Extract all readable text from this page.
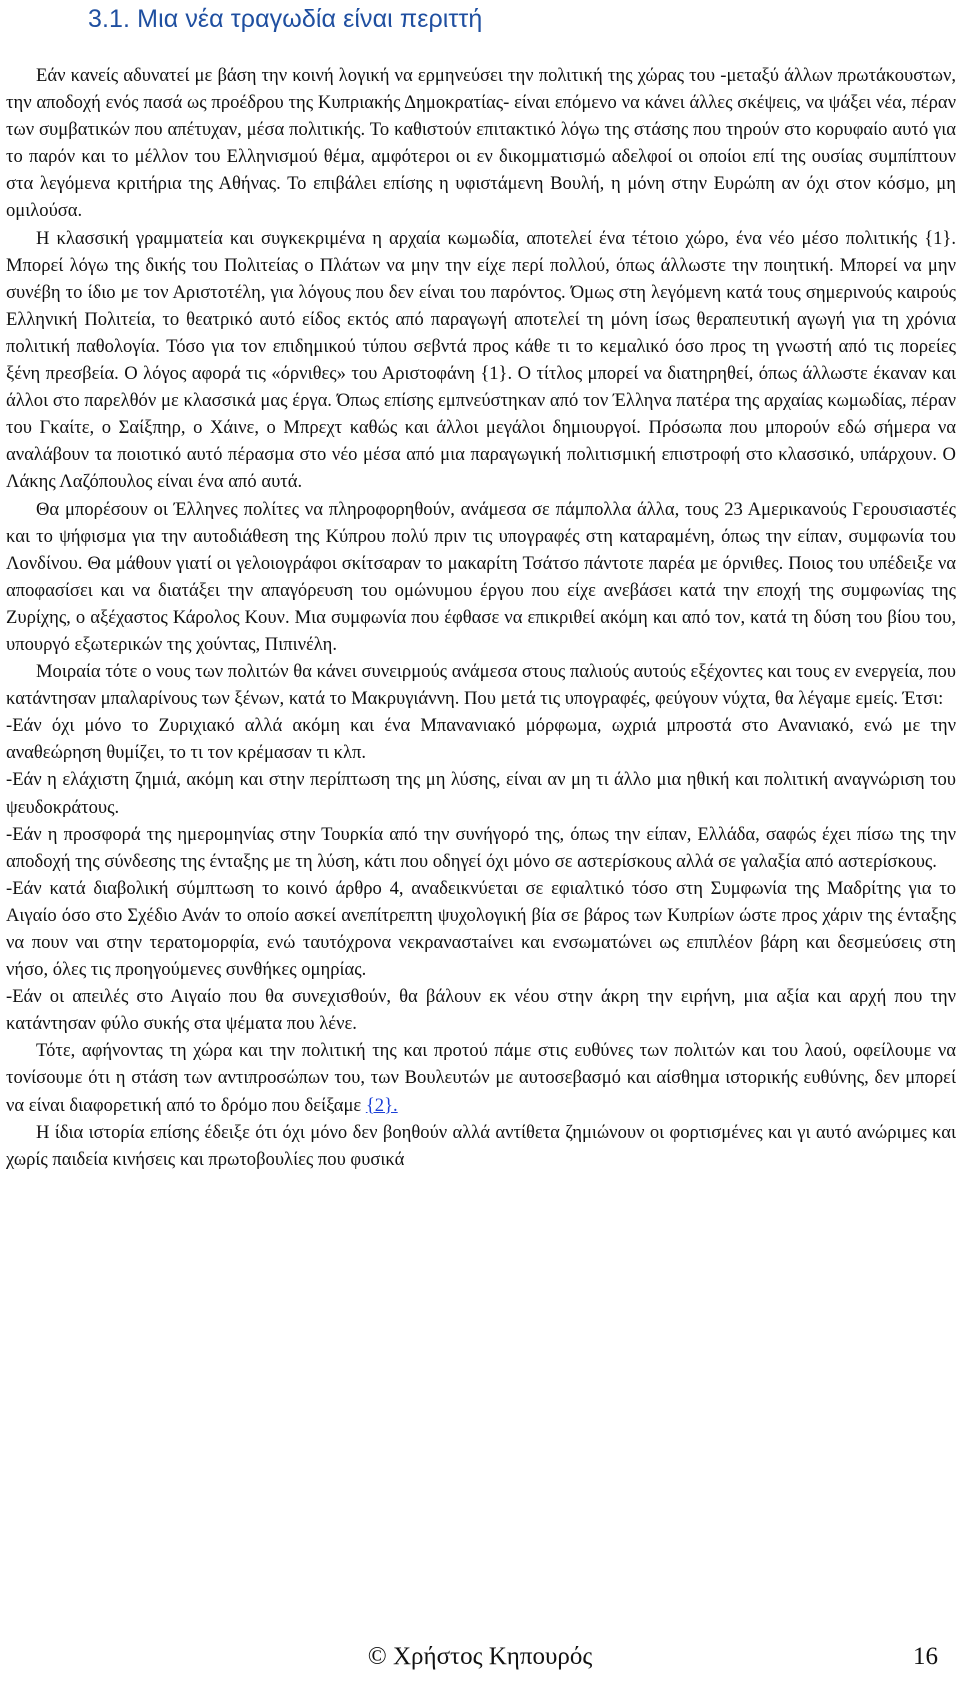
3.1. Μια νέα τραγωδία είναι περιττή

Εάν κανείς αδυνατεί με βάση την κοινή λογική να ερμηνεύσει την πολιτική της χώρας του -μεταξύ άλλων πρωτάκουστων, την αποδοχή ενός πασά ως προέδρου της Κυπριακής Δημοκρατίας- είναι επόμενο να κάνει άλλες σκέψεις, να ψάξει νέα, πέραν των συμβατικών που απέτυχαν, μέσα πολιτικής. Το καθιστούν επιτακτικό λόγω της στάσης που τηρούν στο κορυφαίο αυτό για το παρόν και το μέλλον του Ελληνισμού θέμα, αμφότεροι οι εν δικομματισμώ αδελφοί οι οποίοι επί της ουσίας συμπίπτουν στα λεγόμενα κριτήρια της Αθήνας. Το επιβάλει επίσης η υφιστάμενη Βουλή, η μόνη στην Ευρώπη αν όχι στον κόσμο, μη ομιλούσα.

Η κλασσική γραμματεία και συγκεκριμένα η αρχαία κωμωδία, αποτελεί ένα τέτοιο χώρο, ένα νέο μέσο πολιτικής {1}. Μπορεί λόγω της δικής του Πολιτείας ο Πλάτων να μην την είχε περί πολλού, όπως άλλωστε την ποιητική. Μπορεί να μην συνέβη το ίδιο με τον Αριστοτέλη, για λόγους που δεν είναι του παρόντος. Όμως στη λεγόμενη κατά τους σημερινούς καιρούς Ελληνική Πολιτεία, το θεατρικό αυτό είδος εκτός από παραγωγή αποτελεί τη μόνη ίσως θεραπευτική αγωγή για τη χρόνια πολιτική παθολογία. Τόσο για τον επιδημικού τύπου σεβντά προς κάθε τι το κεμαλικό όσο προς τη γνωστή από τις πορείες ξένη πρεσβεία. Ο λόγος αφορά τις «όρνιθες» του Αριστοφάνη {1}. Ο τίτλος μπορεί να διατηρηθεί, όπως άλλωστε έκαναν και άλλοι στο παρελθόν με κλασσικά μας έργα. Όπως επίσης εμπνεύστηκαν από τον Έλληνα πατέρα της αρχαίας κωμωδίας, πέραν του Γκαίτε, ο Σαίξπηρ, ο Χάινε, ο Μπρεχτ καθώς και άλλοι μεγάλοι δημιουργοί. Πρόσωπα που μπορούν εδώ σήμερα να αναλάβουν τα ποιοτικό αυτό πέρασμα στο νέο μέσα από μια παραγωγική πολιτισμική επιστροφή στο κλασσικό, υπάρχουν. Ο Λάκης Λαζόπουλος είναι ένα από αυτά.

Θα μπορέσουν οι Έλληνες πολίτες να πληροφορηθούν, ανάμεσα σε πάμπολλα άλλα, τους 23 Αμερικανούς Γερουσιαστές και το ψήφισμα για την αυτοδιάθεση της Κύπρου πολύ πριν τις υπογραφές στη καταραμένη, όπως την είπαν, συμφωνία του Λονδίνου. Θα μάθουν γιατί οι γελοιογράφοι σκίτσαραν το μακαρίτη Τσάτσο πάντοτε παρέα με όρνιθες. Ποιος του υπέδειξε να αποφασίσει και να διατάξει την απαγόρευση του ομώνυμου έργου που είχε ανεβάσει κατά την εποχή της συμφωνίας της Ζυρίχης, ο αξέχαστος Κάρολος Κουν. Μια συμφωνία που έφθασε να επικριθεί ακόμη και από τον, κατά τη δύση του βίου του, υπουργό εξωτερικών της χούντας, Πιπινέλη.

Μοιραία τότε ο νους των πολιτών θα κάνει συνειρμούς ανάμεσα στους παλιούς αυτούς εξέχοντες και τους εν ενεργεία, που κατάντησαν μπαλαρίνους των ξένων, κατά το Μακρυγιάννη. Που μετά τις υπογραφές, φεύγουν νύχτα, θα λέγαμε εμείς. Έτσι:

-Εάν όχι μόνο το Ζυριχιακό αλλά ακόμη και ένα Μπανανιακό μόρφωμα, ωχριά μπροστά στο Ανανιακό, ενώ με την αναθεώρηση θυμίζει, το τι τον κρέμασαν τι κλπ.

-Εάν η ελάχιστη ζημιά, ακόμη και στην περίπτωση της μη λύσης, είναι αν μη τι άλλο μια ηθική και πολιτική αναγνώριση του ψευδοκράτους.

-Εάν η προσφορά της ημερομηνίας στην Τουρκία από την συνήγορό της, όπως την είπαν, Ελλάδα, σαφώς έχει πίσω της την αποδοχή της σύνδεσης της ένταξης με τη λύση, κάτι που οδηγεί όχι μόνο σε αστερίσκους αλλά σε γαλαξία από αστερίσκους.

-Εάν κατά διαβολική σύμπτωση το κοινό άρθρο 4, αναδεικνύεται σε εφιαλτικό τόσο στη Συμφωνία της Μαδρίτης για το Αιγαίο όσο στο Σχέδιο Ανάν το οποίο ασκεί ανεπίτρεπτη ψυχολογική βία σε βάρος των Κυπρίων ώστε προς χάριν της ένταξης να πουν ναι στην τερατομορφία, ενώ ταυτόχρονα νεκραναστaίνει και ενσωματώνει ως επιπλέον βάρη και δεσμεύσεις στη νήσο, όλες τις προηγούμενες συνθήκες ομηρίας.

-Εάν οι απειλές στο Αιγαίο που θα συνεχισθούν, θα βάλουν εκ νέου στην άκρη την ειρήνη, μια αξία και αρχή που την κατάντησαν φύλο συκής στα ψέματα που λένε.

Τότε, αφήνοντας τη χώρα και την πολιτική της και προτού πάμε στις ευθύνες των πολιτών και του λαού, οφείλουμε να τονίσουμε ότι η στάση των αντιπροσώπων του, των Βουλευτών με αυτοσεβασμό και αίσθημα ιστορικής ευθύνης, δεν μπορεί να είναι διαφορετική από το δρόμο που δείξαμε {2}.

Η ίδια ιστορία επίσης έδειξε ότι όχι μόνο δεν βοηθούν αλλά αντίθετα ζημιώνουν οι φορτισμένες και γι αυτό ανώριμες και χωρίς παιδεία κινήσεις και πρωτοβουλίες που φυσικά

© Χρήστος Κηπουρός	16
